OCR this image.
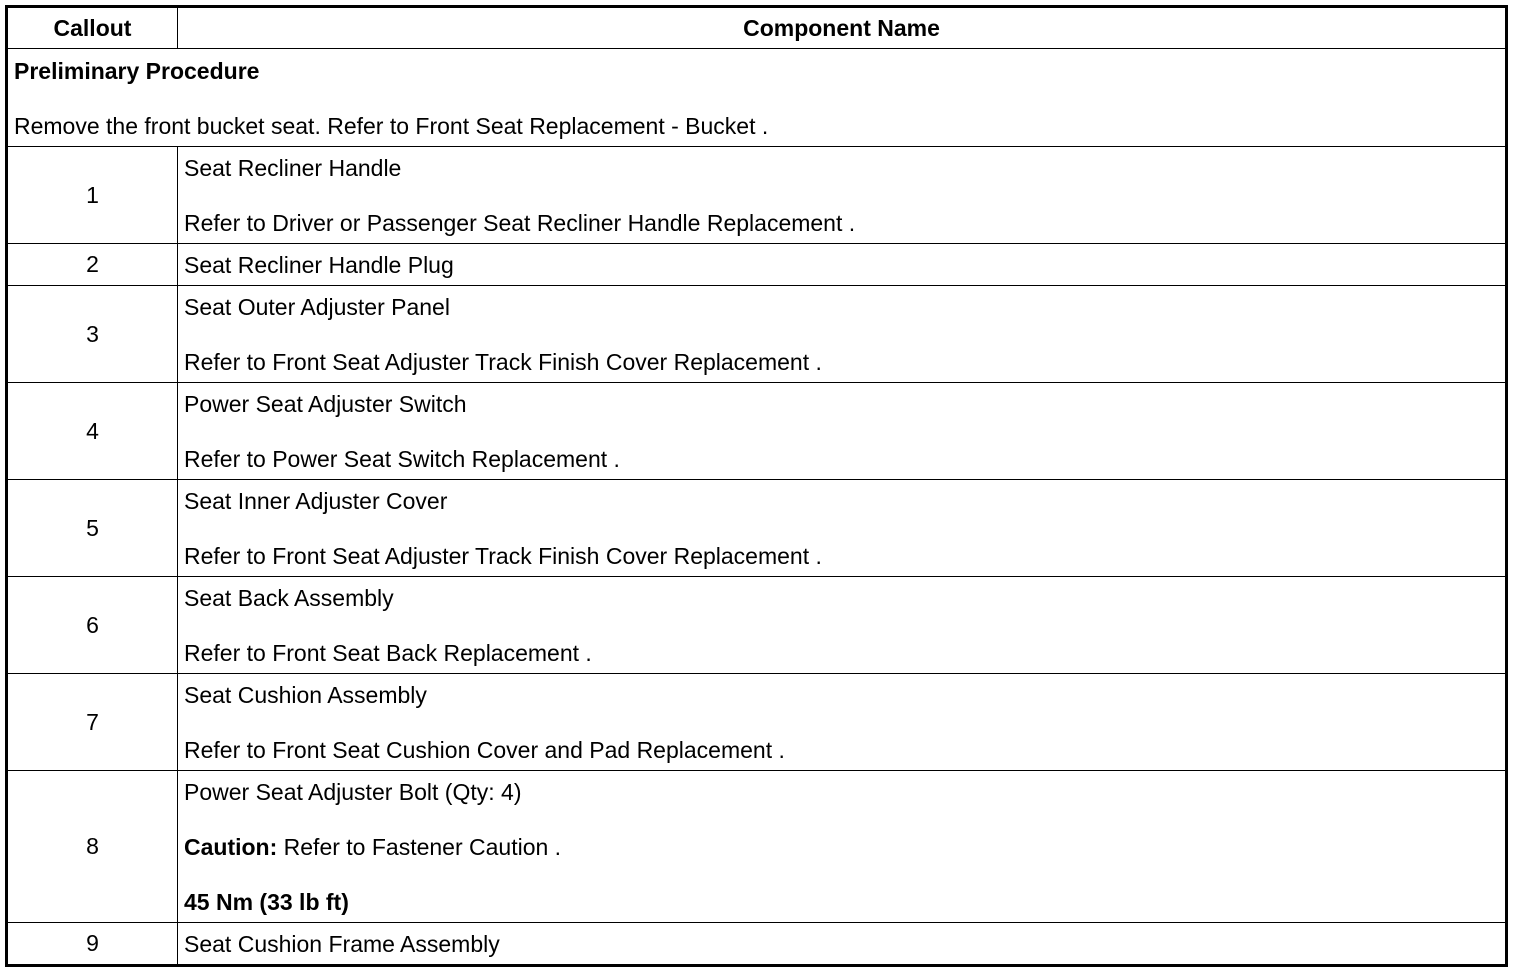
Callout	Component Name

Preliminary Procedure
Remove the front bucket seat. Refer to Front Seat Replacement - Bucket .	

1	Seat Recliner Handle
Refer to Driver or Passenger Seat Recliner Handle Replacement .

2	Seat Recliner Handle Plug

3	Seat Outer Adjuster Panel
Refer to Front Seat Adjuster Track Finish Cover Replacement .

4	Power Seat Adjuster Switch
Refer to Power Seat Switch Replacement .

5	Seat Inner Adjuster Cover
Refer to Front Seat Adjuster Track Finish Cover Replacement .

6	Seat Back Assembly
Refer to Front Seat Back Replacement .

7	Seat Cushion Assembly
Refer to Front Seat Cushion Cover and Pad Replacement .

8	Power Seat Adjuster Bolt (Qty: 4)
Caution: Refer to Fastener Caution .
45 Nm (33 lb ft)

9	Seat Cushion Frame Assembly
